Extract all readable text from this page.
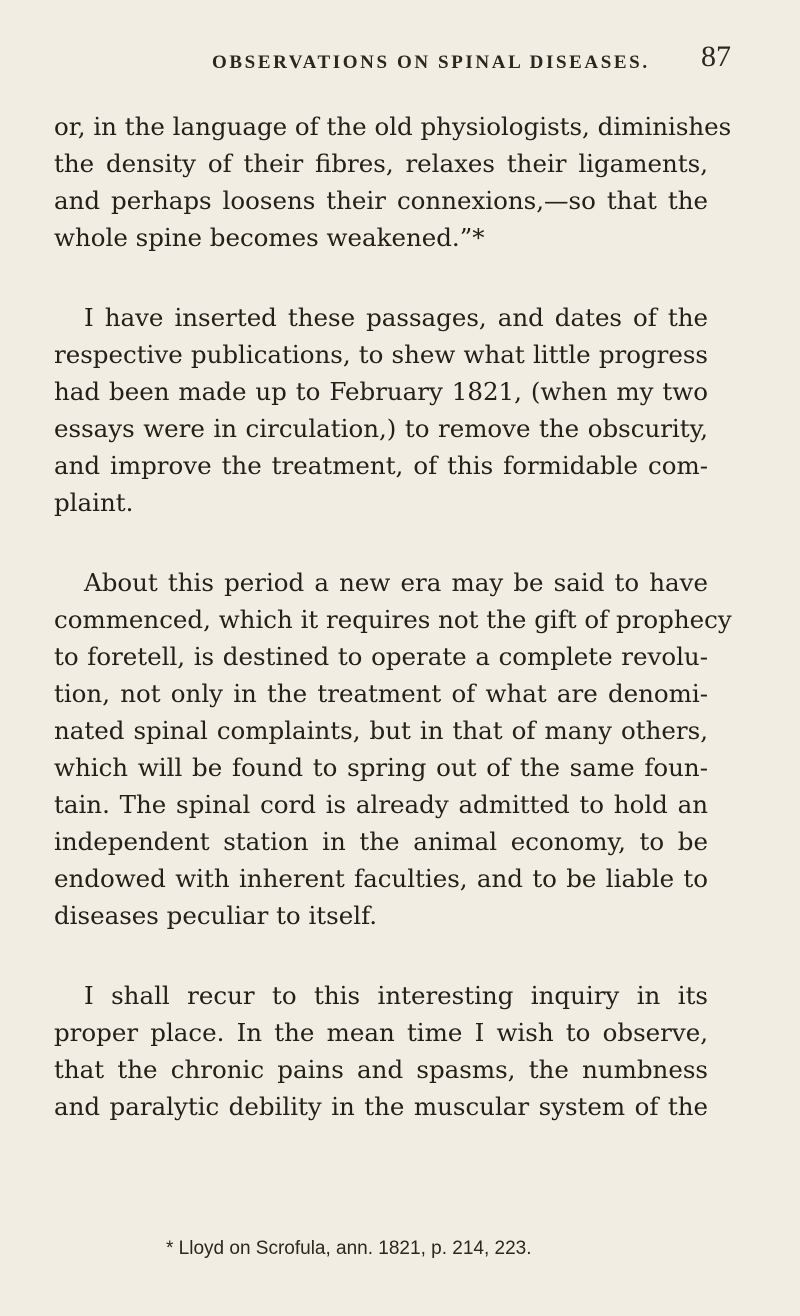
OBSERVATIONS ON SPINAL DISEASES. 87
or, in the language of the old physiologists, diminishes
the density of their fibres, relaxes their ligaments,
and perhaps loosens their connexions,—so that the
whole spine becomes weakened.”*
I have inserted these passages, and dates of the
respective publications, to shew what little progress
had been made up to February 1821, (when my two
essays were in circulation,) to remove the obscurity,
and improve the treatment, of this formidable com-
plaint.
About this period a new era may be said to have
commenced, which it requires not the gift of prophecy
to foretell, is destined to operate a complete revolu-
tion, not only in the treatment of what are denomi-
nated spinal complaints, but in that of many others,
which will be found to spring out of the same foun-
tain. The spinal cord is already admitted to hold an
independent station in the animal economy, to be
endowed with inherent faculties, and to be liable to
diseases peculiar to itself.
I shall recur to this interesting inquiry in its
proper place. In the mean time I wish to observe,
that the chronic pains and spasms, the numbness
and paralytic debility in the muscular system of the
* Lloyd on Scrofula, ann. 1821, p. 214, 223.
